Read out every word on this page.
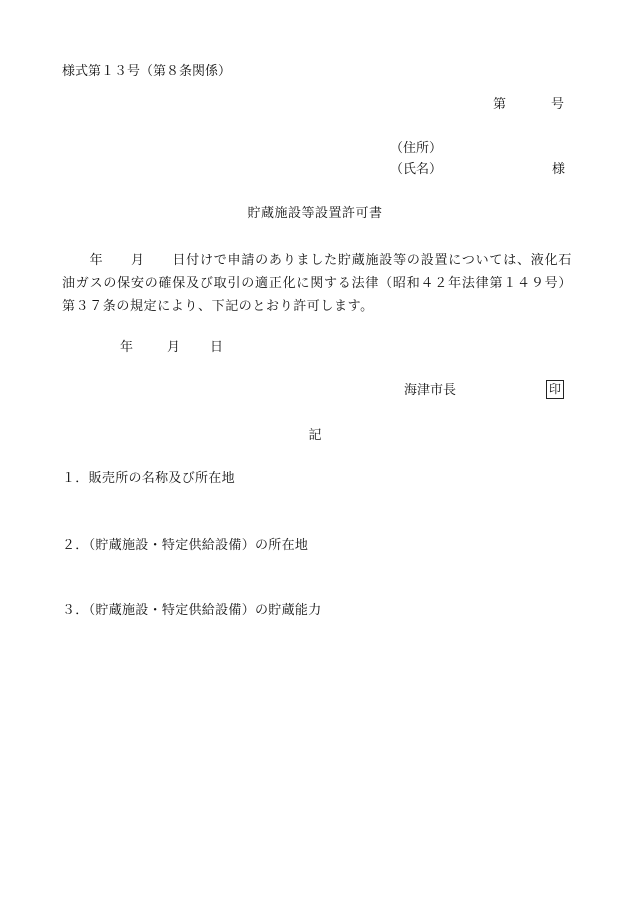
様式第１３号（第８条関係）
第	号
（住所）
（氏名）	様
貯蔵施設等設置許可書
　　年　　月　　日付けで申請のありました貯蔵施設等の設置については、液化石油ガスの保安の確保及び取引の適正化に関する法律（昭和４２年法律第１４９号）第３７条の規定により、下記のとおり許可します。
年	月 日
海津市長	印
記
１．販売所の名称及び所在地
２．（貯蔵施設・特定供給設備）の所在地
３．（貯蔵施設・特定供給設備）の貯蔵能力
